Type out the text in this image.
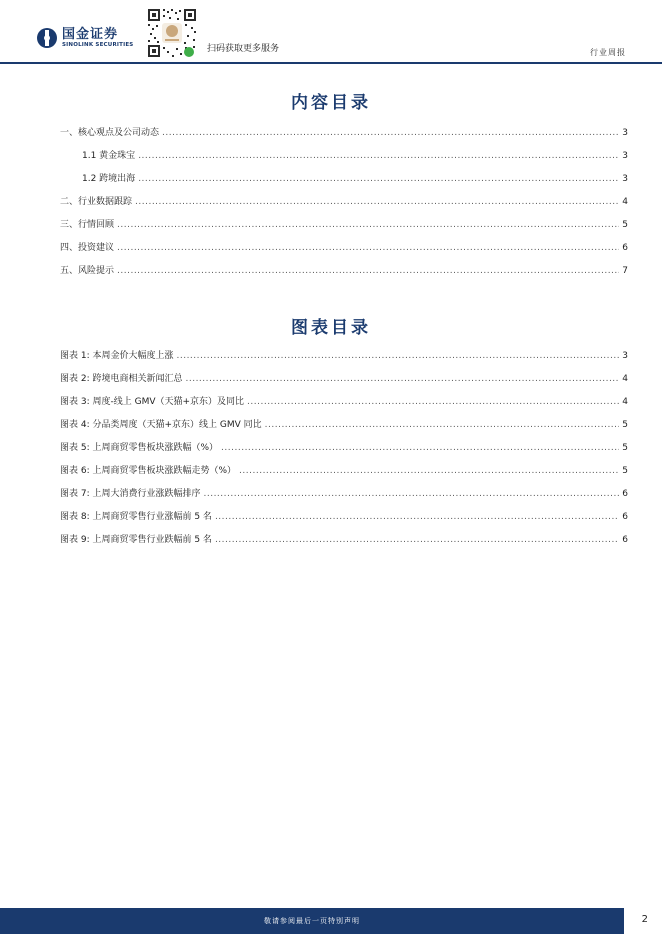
国金证券
SINOLINK SECURITIES	扫码获取更多服务	行业周报
内容目录
一、核心观点及公司动态 .....	3
1.1 黄金珠宝 .....	3
1.2 跨境出海 .....	3
二、行业数据跟踪 .....	4
三、行情回顾 .....	5
四、投资建议 .....	6
五、风险提示 .....	7
图表目录
图表 1: 本周金价大幅度上涨 .....	3
图表 2: 跨境电商相关新闻汇总 .....	4
图表 3: 周度-线上 GMV（天猫+京东）及同比 .....	4
图表 4: 分品类周度（天猫+京东）线上 GMV 同比 .....	5
图表 5: 上周商贸零售板块涨跌幅（%） .....	5
图表 6: 上周商贸零售板块涨跌幅走势（%） .....	5
图表 7: 上周大消费行业涨跌幅排序 .....	6
图表 8: 上周商贸零售行业涨幅前 5 名 .....	6
图表 9: 上周商贸零售行业跌幅前 5 名 .....	6
敬请参阅最后一页特别声明	2
